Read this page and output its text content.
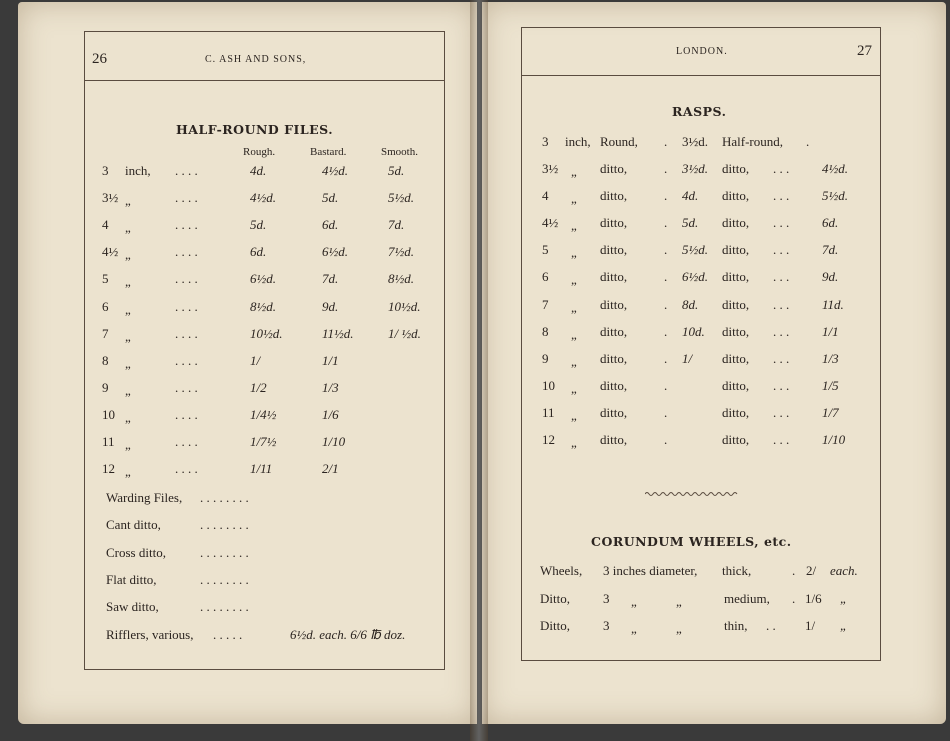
26	C. ASH AND SONS,
HALF-ROUND FILES.
Rough.	Bastard.	Smooth.
3 inch, . . . .	4d.	4½d.	5d.
3½ „	. . . .	4½d.	5d.	5½d.
4 „	. . . .	5d.	6d.	7d.
4½ „	. . . .	6d.	6½d.	7½d.
5 „	. . . .	6½d.	7d.	8½d.
6 „	. . . .	8½d.	9d.	10½d.
7 „	. . . .	10½d.	11½d.	1/ ½d.
8 „	. . . .	1/	1/1
9 „	. . . .	1/2	1/3
10 „	. . . .	1/4½	1/6
11 „	. . . .	1/7½	1/10
12 „	. . . .	1/11	2/1
Warding Files, . . . . . . . .
Cant ditto,	. . . . . . . .
Cross ditto,	. . . . . . . .
Flat ditto,	. . . . . . . .
Saw ditto,	. . . . . . . .
Rifflers, various, . . . . .	6½d. each. 6/6 ℔ doz.
27
LONDON.
RASPS.
3 inch, Round, . 3½d. Half-round, .
3½ „ ditto,	. 3½d. ditto, . . .	4½d.
4 „ ditto,	. 4d. ditto, . . .	5½d.
4½ „ ditto,	. 5d. ditto, . . .	6d.
5 „ ditto,	. 5½d. ditto, . . .	7d.
6 „ ditto,	. 6½d. ditto, . . .	9d.
7 „ ditto,	. 8d. ditto, . . .	11d.
8 „ ditto,	. 10d. ditto, . . .	1/1
9 „ ditto,	. 1/ ditto, . . .	1/3
10 „ ditto,	.	ditto, . . .	1/5
11 „ ditto,	.	ditto, . . .	1/7
12 „ ditto,	.	ditto, . . .	1/10
CORUNDUM WHEELS, etc.
Wheels, 3 inches diameter, thick,	. 2/ each.
Ditto,	3 „	„	medium, . 1/6 „
Ditto,	3 „	„	thin, . . 1/ „
